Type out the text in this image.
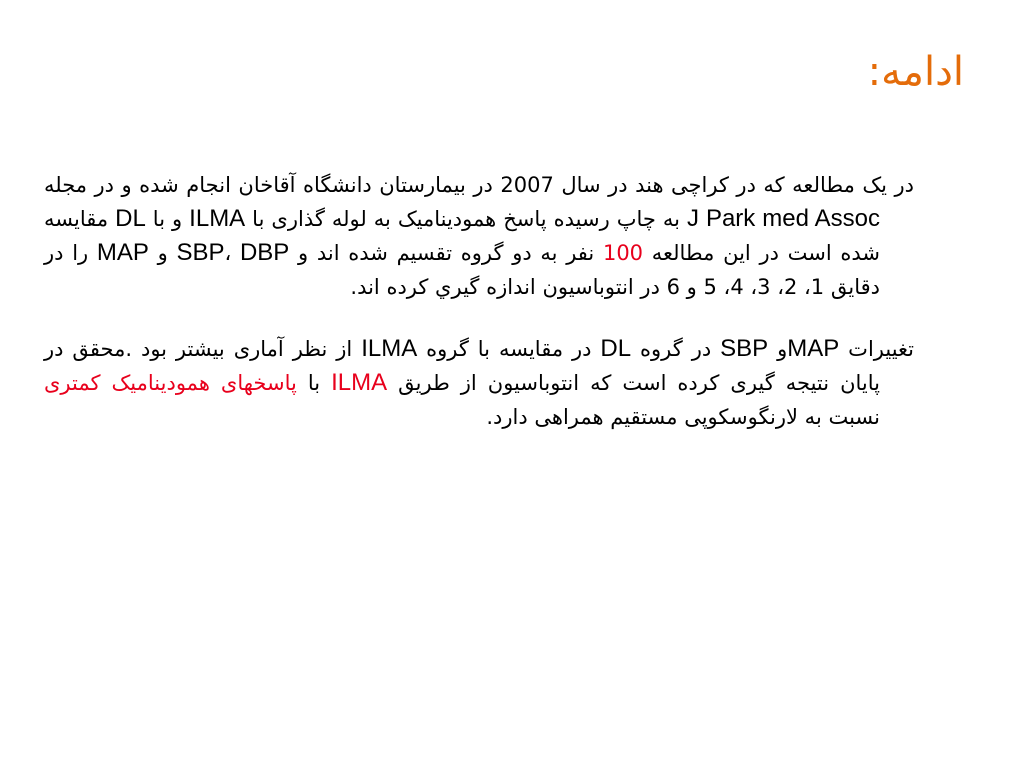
ادامه:
در یک مطالعه که در کراچی هند در سال 2007 در بیمارستان دانشگاه آقاخان انجام شده و در مجله J Park med Assoc به چاپ رسیده پاسخ همودینامیک به لوله گذاری با ILMA و با DL مقایسه شده است در این مطالعه 100 نفر به دو گروه تقسیم شده اند و SBP، DBP و MAP را در دقایق 1، 2، 3، 4، 5 و 6 در انتوباسیون اندازه گيري کرده اند.
تغییرات MAPو SBP در گروه DL در مقایسه با گروه ILMA از نظر آماری بیشتر بود .محقق در پایان نتیجه گیری کرده است که انتوباسیون از طریق ILMA با پاسخهای همودینامیک کمتری نسبت به لارنگوسکوپی مستقیم همراهی دارد.
